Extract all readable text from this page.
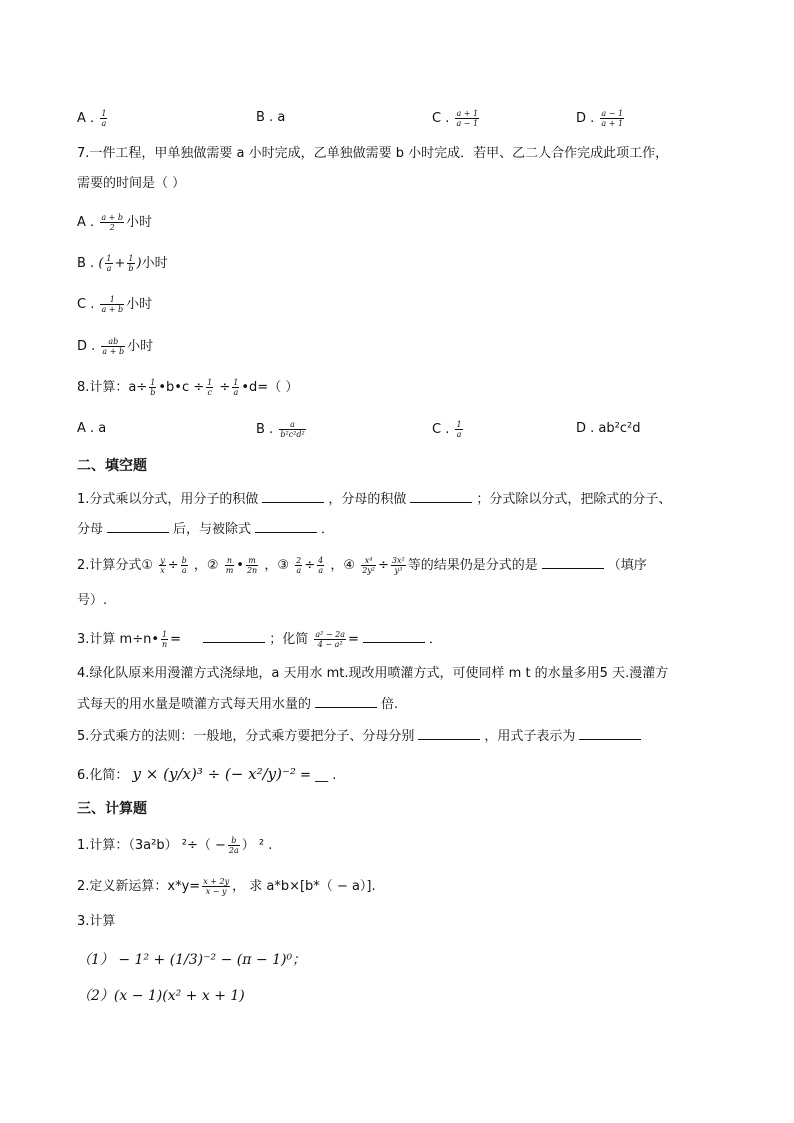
A . $\frac{1}{a}$	B . a	C . $\frac{a + 1}{a - 1}$	D . $\frac{a - 1}{a + 1}$
7.一件工程，甲单独做需要 a 小时完成，乙单独做需要 b 小时完成．若甲、乙二人合作完成此项工作，
需要的时间是（ ）
A . $\frac{a + b}{2}$ 小时
B . ( $\frac{1}{a} + \frac{1}{b}$ )小时
C . $\frac{1}{a + b}$ 小时
D . $\frac{ab}{a + b}$ 小时
8.计算：$a\div \frac{1}{b}$ •b•c ÷ $\frac{1}{c} \div \frac{1}{a}$ •d=（ ）
A . a	B . $\frac{a}{\text{b²c²d²}}$	C . $\frac{1}{a}$	D . ab²c²d
二、填空题
1.分式乘以分式，用分子的积做	，分母的积做	；分式除以分式，把除式的分子、
分母	后，与被除式	．
2.计算分式① $\frac{y}{x} \div \frac{b}{a}$ ，② $\frac{n}{m}$ • $\frac{m}{2n}$ ，③ $\frac{2}{a} \div \frac{4}{a}$ ，④ $\frac{\text{x⁴}}{\text{2y²}} \div \frac{\text{3x²}}{\text{y³}}$ 等的结果仍是分式的是	（填序
号）.
3.计算 m÷n• $\frac{1}{n}$ =	；化简 $\frac{\text{a² − 2a}}{\text{4 − a²}}$ =	．
4.绿化队原来用漫灌方式浇绿地，a 天用水 mt.现改用喷灌方式，可使同样 m t 的水量多用5 天.漫灌方
式每天的用水量是喷灌方式每天用水量的	倍.
5.分式乘方的法则：一般地，分式乘方要把分子、分母分别	，用式子表示为
6.化简： y × (y/x)³ ÷ (− x²/y)⁻² = __ .
三、计算题
1.计算：（3a²b） $^2\div( - \frac{b}{2a}$ ） ² .
2.定义新运算：$x*y= \frac{x + 2y}{x - y}$ ， 求 a*b×[b*（ − a）].
3.计算
（1） − 1² + (1/3)⁻² − (π − 1)⁰；
（2）(x − 1)(x² + x + 1)
